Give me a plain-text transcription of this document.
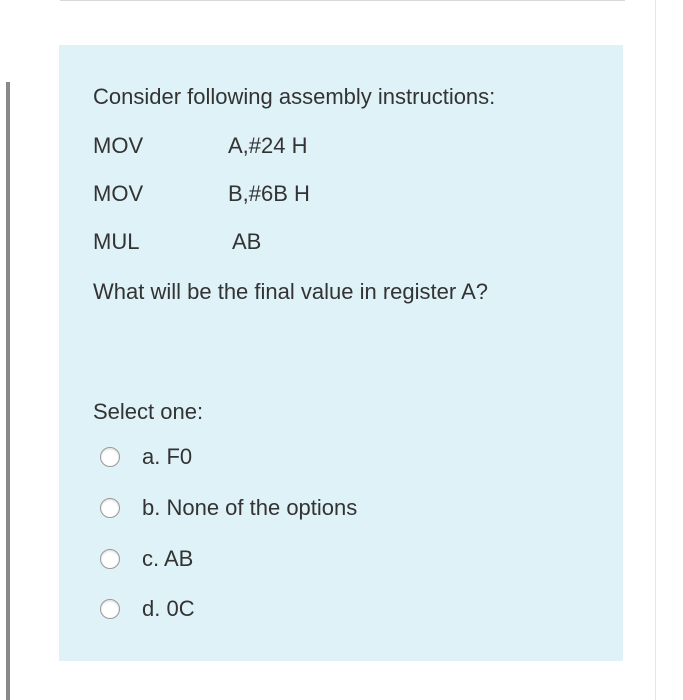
Consider following assembly instructions:
MOV	A,#24 H
MOV	B,#6B H
MUL	AB
What will be the final value in register A?
Select one:
a. F0
b. None of the options
c. AB
d. 0C
